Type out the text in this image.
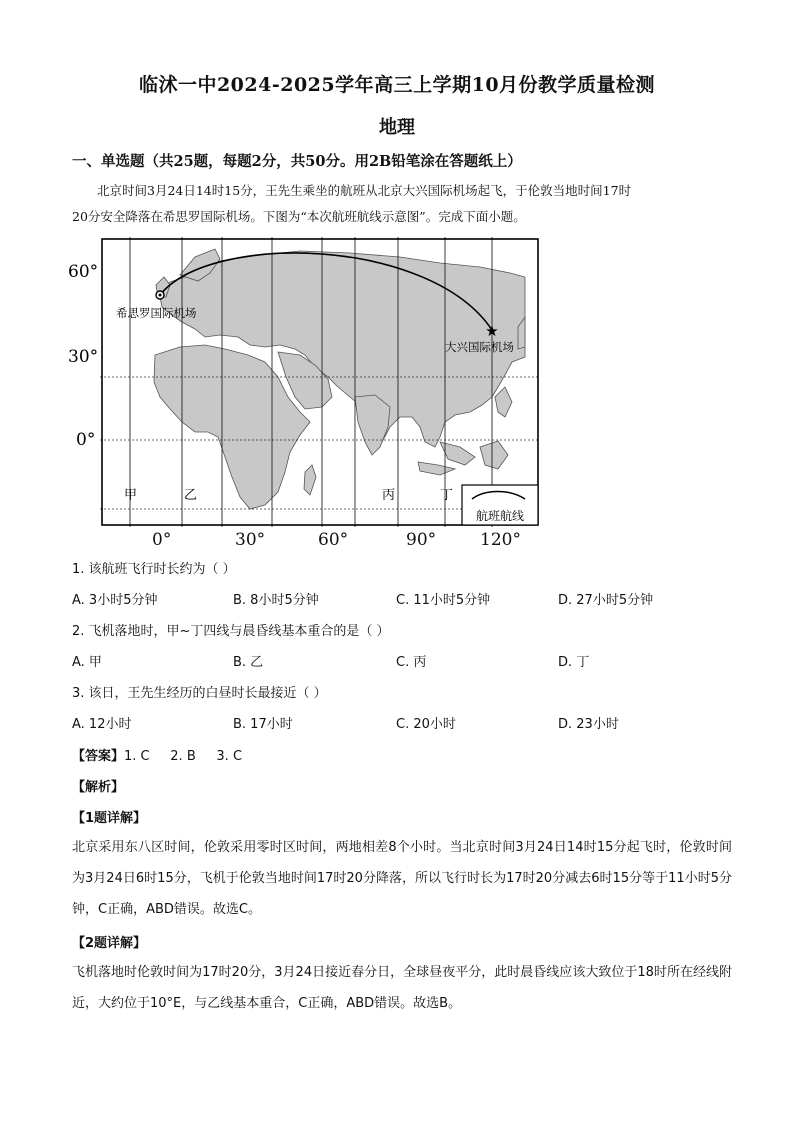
临沭一中2024-2025学年高三上学期10月份教学质量检测
地理
一、单选题（共25题，每题2分，共50分。用2B铅笔涂在答题纸上）

北京时间3月24日14时15分，王先生乘坐的航班从北京大兴国际机场起飞，于伦敦当地时间17时

20分安全降落在希思罗国际机场。下图为“本次航班航线示意图”。完成下面小题。
★
希思罗国际机场
大兴国际机场
60°
30°
0°
甲	乙	丙	丁
航班航线
0°	30°	60°	90°	120°
1. 该航班飞行时长约为（ ）
A. 3小时5分钟	B. 8小时5分钟	C. 11小时5分钟	D. 27小时5分钟
2. 飞机落地时，甲~丁四线与晨昏线基本重合的是（ ）
A. 甲	B. 乙	C. 丙	D. 丁
3. 该日，王先生经历的白昼时长最接近（ ）
A. 12小时	B. 17小时	C. 20小时	D. 23小时
【答案】1. C     2. B     3. C
【解析】
【1题详解】
北京采用东八区时间，伦敦采用零时区时间，两地相差8个小时。当北京时间3月24日14时15分起飞时，伦敦时间为3月24日6时15分，飞机于伦敦当地时间17时20分降落，所以飞行时长为17时20分减去6时15分等于11小时5分钟，C正确，ABD错误。故选C。
【2题详解】
飞机落地时伦敦时间为17时20分，3月24日接近春分日，全球昼夜平分，此时晨昏线应该大致位于18时所在经线附近，大约位于10°E，与乙线基本重合，C正确，ABD错误。故选B。
